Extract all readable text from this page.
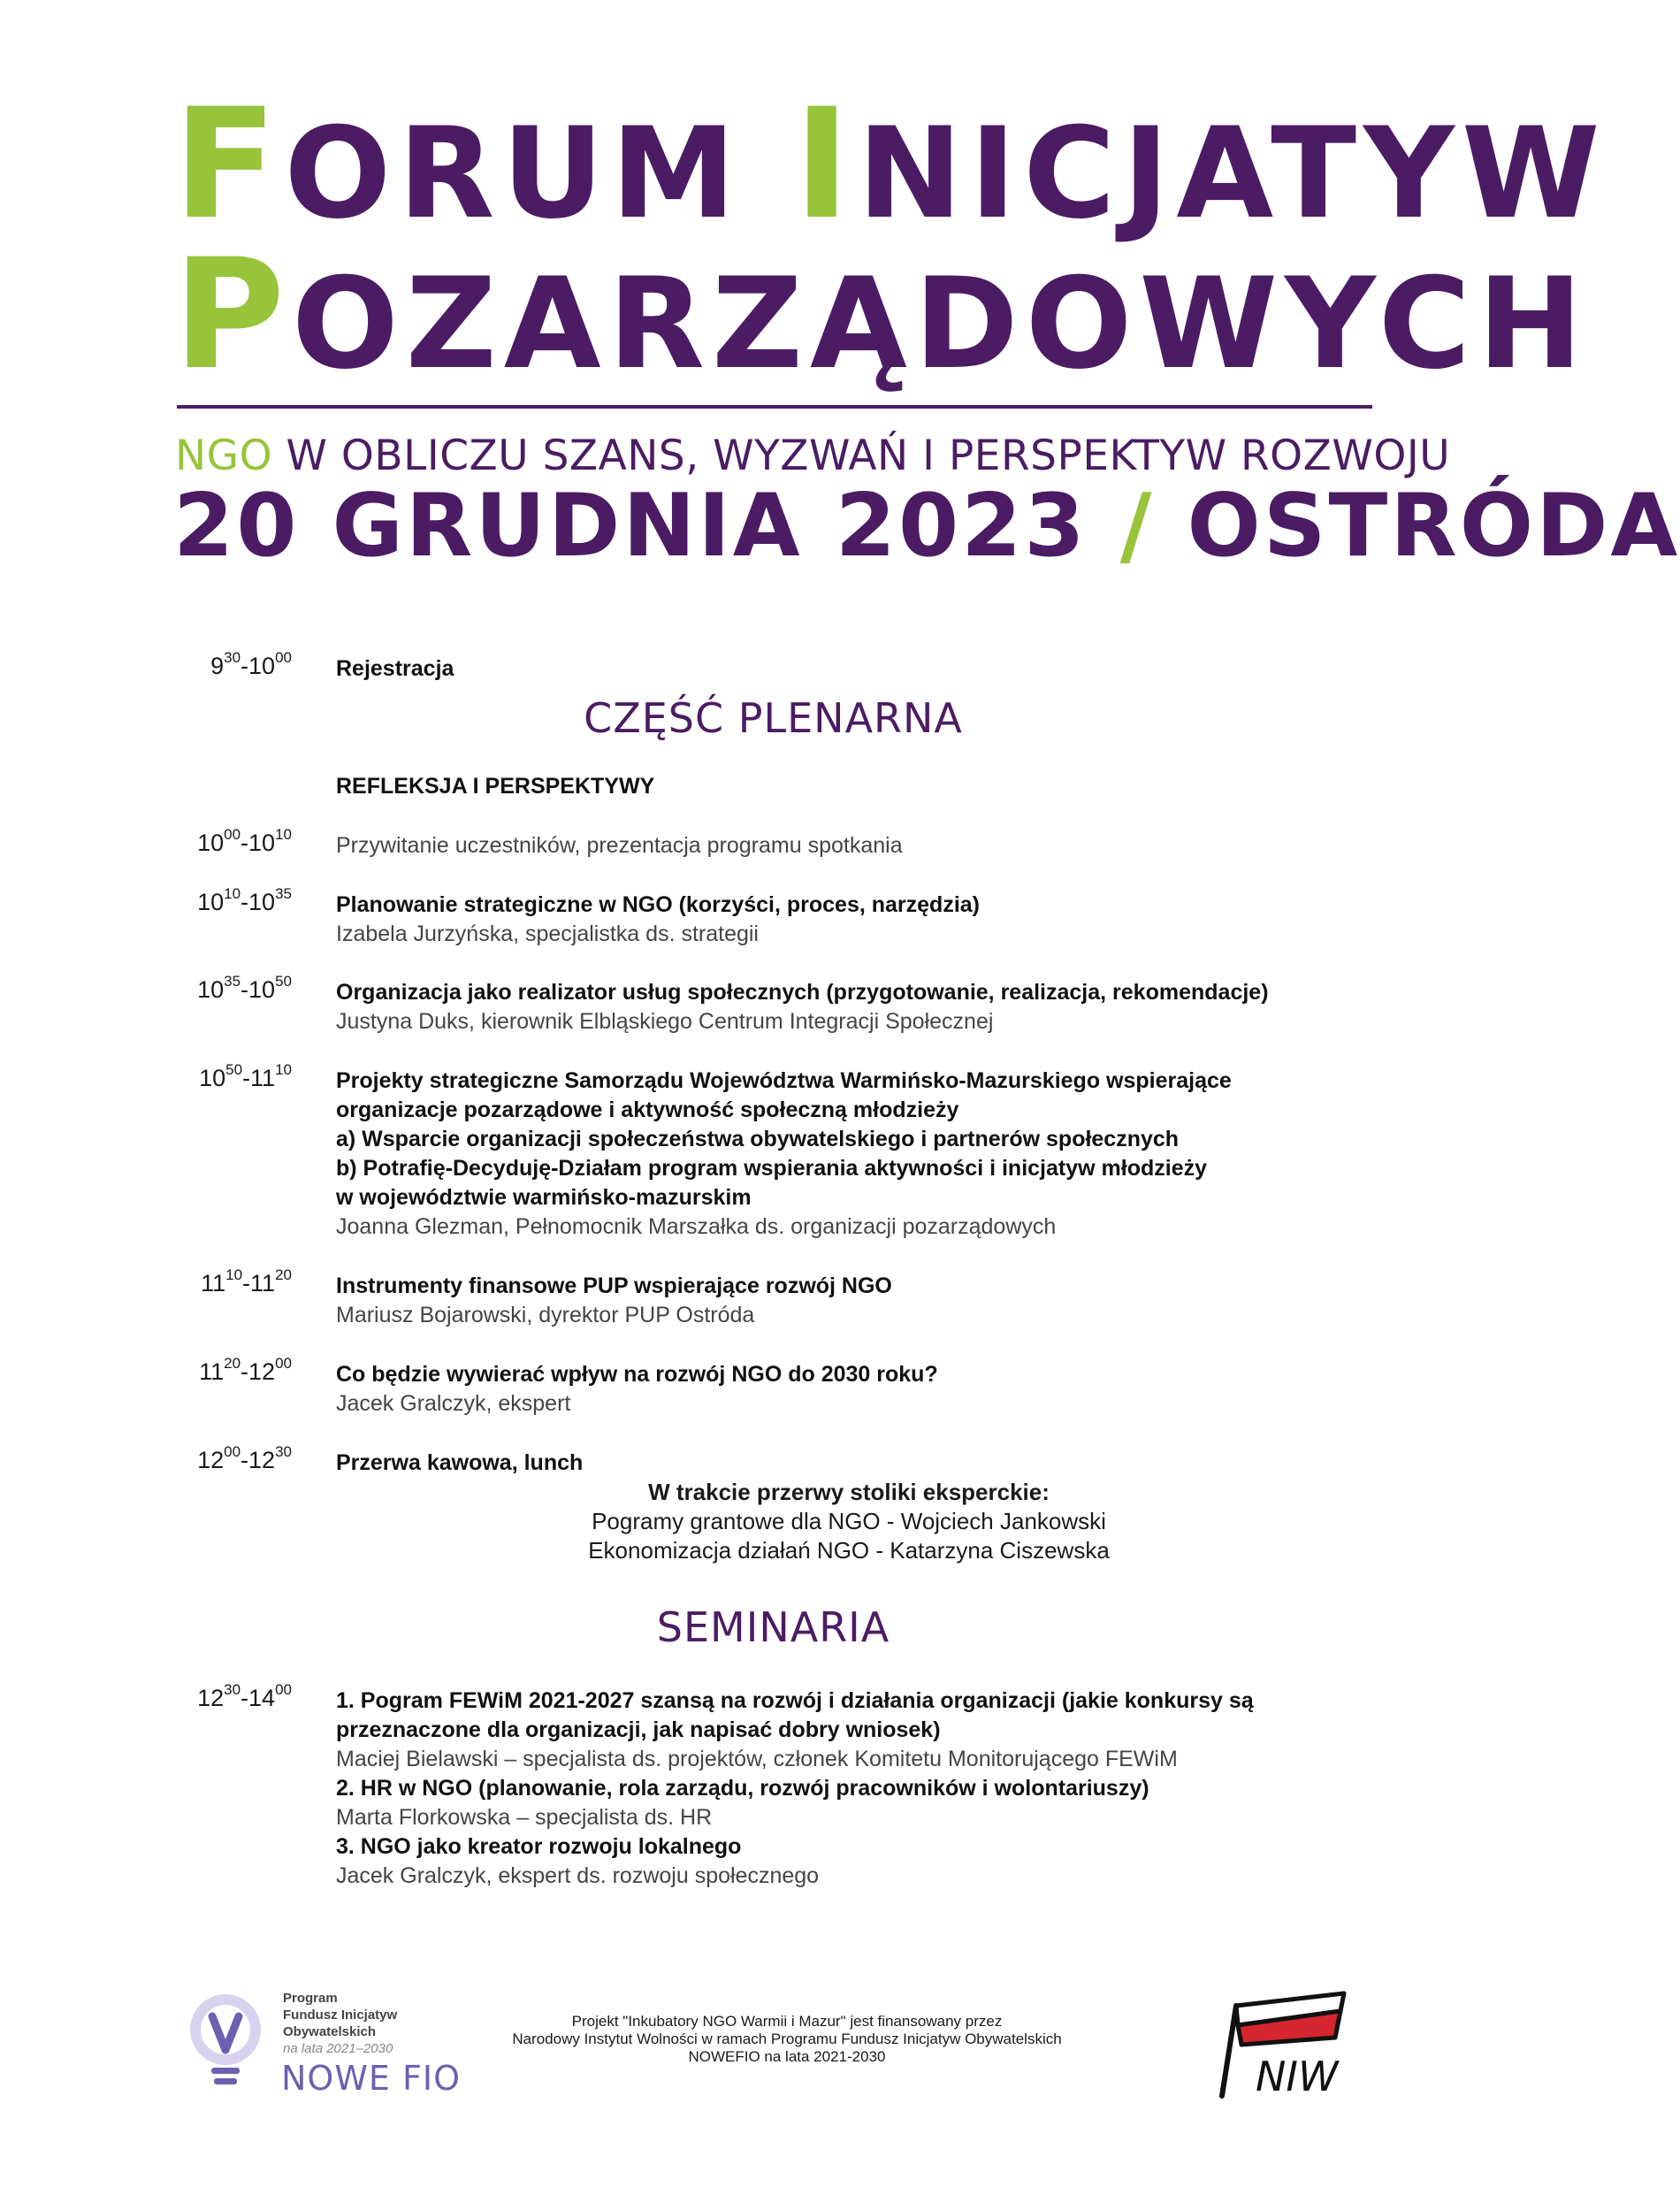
FORUM INICJATYW
POZARZĄDOWYCH
NGO W OBLICZU SZANS, WYZWAŃ I PERSPEKTYW ROZWOJU
20 GRUDNIA 2023 / OSTRÓDA
$9^{30}-10^{00}$ Rejestracja
CZĘŚĆ PLENARNA
REFLEKSJA I PERSPEKTYWY
$10^{00}-10^{10}$ Przywitanie uczestników, prezentacja programu spotkania
$10^{10}-10^{35}$ Planowanie strategiczne w NGO (korzyści, proces, narzędzia)
Izabela Jurzyńska, specjalistka ds. strategii
$10^{35}-10^{50}$ Organizacja jako realizator usług społecznych (przygotowanie, realizacja, rekomendacje)
Justyna Duks, kierownik Elbląskiego Centrum Integracji Społecznej
$10^{50}-11^{10}$ Projekty strategiczne Samorządu Województwa Warmińsko-Mazurskiego wspierające
organizacje pozarządowe i aktywność społeczną młodzieży
a) Wsparcie organizacji społeczeństwa obywatelskiego i partnerów społecznych
b) Potrafię-Decyduję-Działam program wspierania aktywności i inicjatyw młodzieży
w województwie warmińsko-mazurskim
Joanna Glezman, Pełnomocnik Marszałka ds. organizacji pozarządowych
$11^{10}-11^{20}$ Instrumenty finansowe PUP wspierające rozwój NGO
Mariusz Bojarowski, dyrektor PUP Ostróda
$11^{20}-12^{00}$ Co będzie wywierać wpływ na rozwój NGO do 2030 roku?
Jacek Gralczyk, ekspert
$12^{00}-12^{30}$ Przerwa kawowa, lunch
W trakcie przerwy stoliki eksperckie:
Pogramy grantowe dla NGO - Wojciech Jankowski
Ekonomizacja działań NGO - Katarzyna Ciszewska
SEMINARIA
$12^{30}-14^{00}$ 1. Pogram FEWiM 2021-2027 szansą na rozwój i działania organizacji (jakie konkursy są
przeznaczone dla organizacji, jak napisać dobry wniosek)
Maciej Bielawski – specjalista ds. projektów, członek Komitetu Monitorującego FEWiM
2. HR w NGO (planowanie, rola zarządu, rozwój pracowników i wolontariuszy)
Marta Florkowska – specjalista ds. HR
3. NGO jako kreator rozwoju lokalnego
Jacek Gralczyk, ekspert ds. rozwoju społecznego
Program
Fundusz Inicjatyw
Obywatelskich
na lata 2021–2030
NOWE FIO
Projekt "Inkubatory NGO Warmii i Mazur" jest finansowany przez
Narodowy Instytut Wolności w ramach Programu Fundusz Inicjatyw Obywatelskich
NOWEFIO na lata 2021-2030	NIW
